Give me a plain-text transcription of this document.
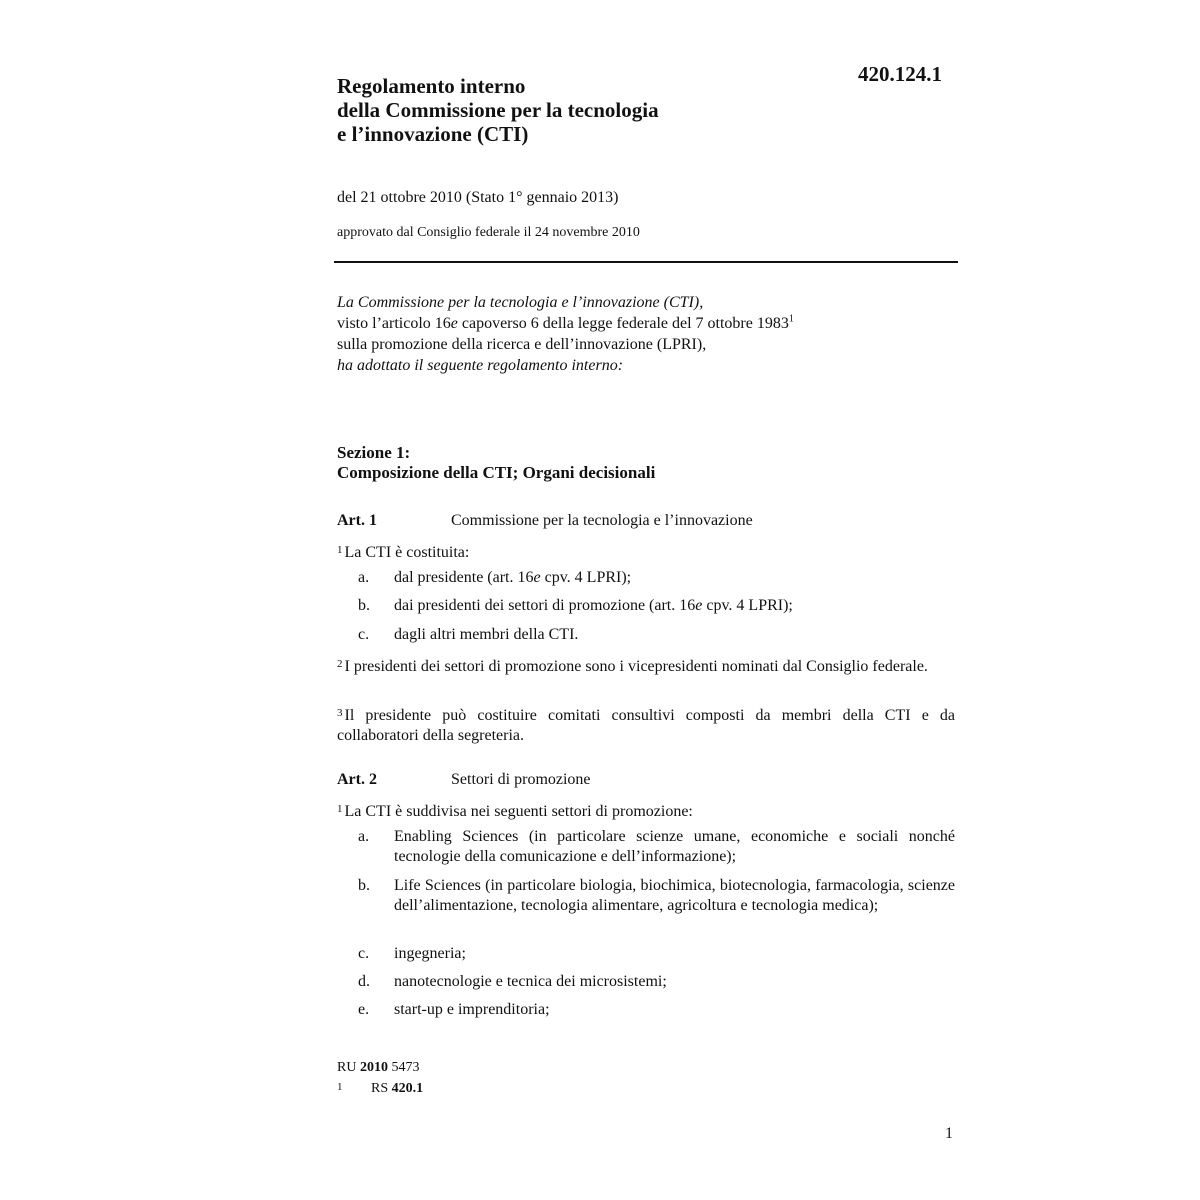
420.124.1
Regolamento interno
della Commissione per la tecnologia
e l’innovazione (CTI)
del 21 ottobre 2010 (Stato 1° gennaio 2013)
approvato dal Consiglio federale il 24 novembre 2010
La Commissione per la tecnologia e l’innovazione (CTI),
visto l’articolo 16e capoverso 6 della legge federale del 7 ottobre 1983$^1$
sulla promozione della ricerca e dell’innovazione (LPRI),
ha adottato il seguente regolamento interno:
Sezione 1:
Composizione della CTI; Organi decisionali
Art. 1	Commissione per la tecnologia e l’innovazione
$^1$ La CTI è costituita:
a. dal presidente (art. 16e cpv. 4 LPRI);
b. dai presidenti dei settori di promozione (art. 16e cpv. 4 LPRI);
c. dagli altri membri della CTI.
$^2$ I presidenti dei settori di promozione sono i vicepresidenti nominati dal Consiglio federale.
$^3$ Il presidente può costituire comitati consultivi composti da membri della CTI e da collaboratori della segreteria.
Art. 2	Settori di promozione
$^1$ La CTI è suddivisa nei seguenti settori di promozione:
a. Enabling Sciences (in particolare scienze umane, economiche e sociali nonché tecnologie della comunicazione e dell’informazione);
b. Life Sciences (in particolare biologia, biochimica, biotecnologia, farmacologia, scienze dell’alimentazione, tecnologia alimentare, agricoltura e tecnologia medica);
c. ingegneria;
d. nanotecnologie e tecnica dei microsistemi;
e. start-up e imprenditoria;
RU 2010 5473
1 RS 420.1
1
